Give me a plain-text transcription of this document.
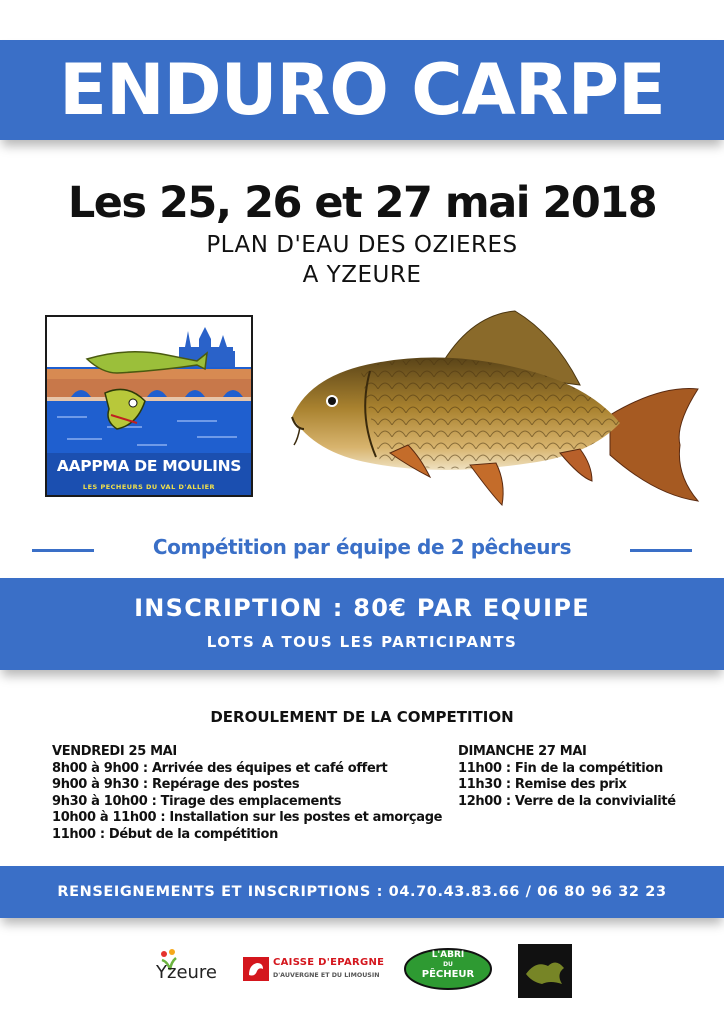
ENDURO CARPE
Les 25, 26 et 27 mai 2018
PLAN D'EAU DES OZIERES
A YZEURE
AAPPMA DE MOULINS
LES PECHEURS DU VAL D'ALLIER
Compétition par équipe de 2 pêcheurs
INSCRIPTION : 80€ PAR EQUIPE
LOTS A TOUS LES PARTICIPANTS
DEROULEMENT DE LA COMPETITION
VENDREDI 25 MAI
8h00 à 9h00 : Arrivée des équipes et café offert
9h00 à 9h30 : Repérage des postes
9h30 à 10h00 : Tirage des emplacements
10h00 à 11h00 : Installation sur les postes et amorçage
11h00 : Début de la compétition
DIMANCHE 27 MAI
11h00 : Fin de la compétition
11h30 : Remise des prix
12h00 : Verre de la convivialité
RENSEIGNEMENTS ET INSCRIPTIONS : 04.70.43.83.66 / 06 80 96 32 23
Yzeure	CAISSE D'EPARGNE
D'AUVERGNE ET DU LIMOUSIN
L'ABRI
DU
PÊCHEUR
